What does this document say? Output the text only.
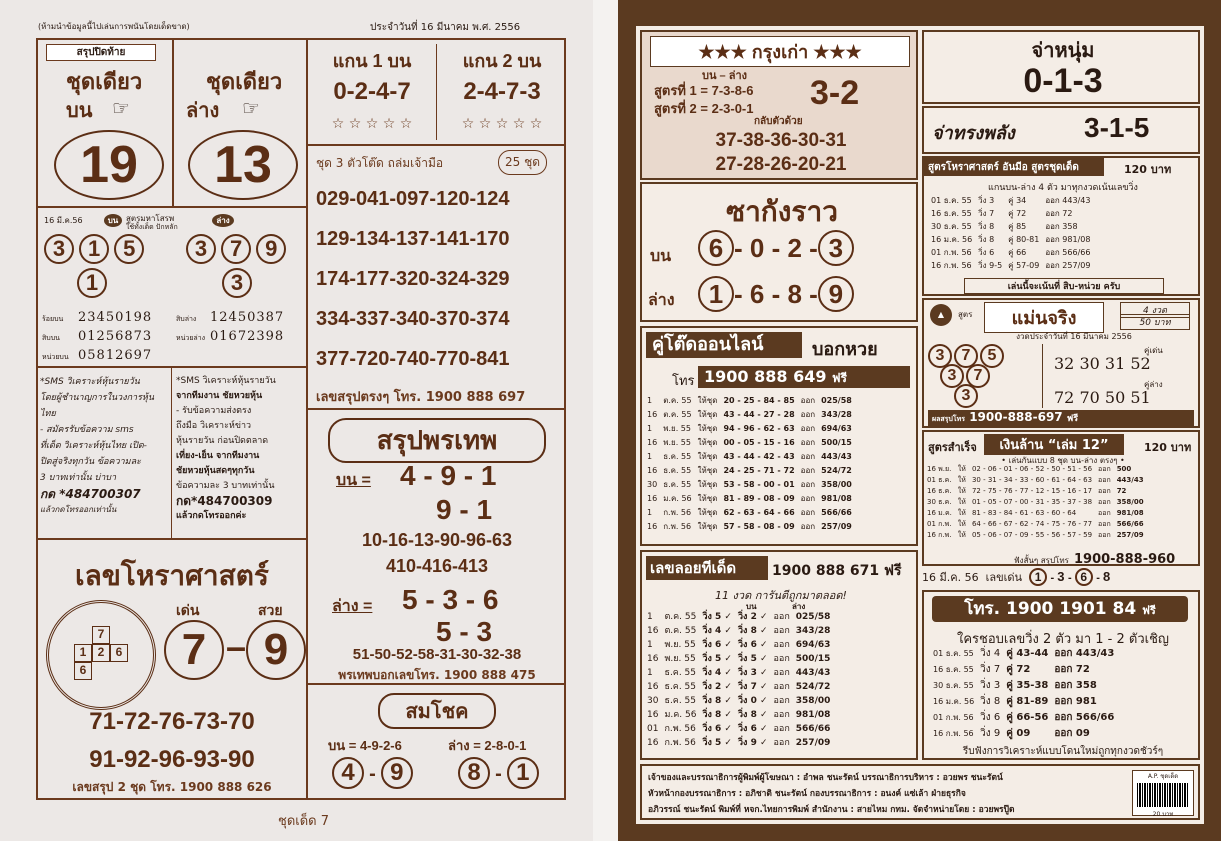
(ห้ามนำข้อมูลนี้ไปเล่นการพนันโดยเด็ดขาด)	ประจำวันที่ 16 มีนาคม พ.ศ. 2556
สรุปปิดท้าย
ชุดเดียว
บน ☞
19
ชุดเดียว
ล่าง ☞
13
แกน 1 บน
0-2-4-7
☆ ☆ ☆ ☆ ☆
แกน 2 บน
2-4-7-3
☆ ☆ ☆ ☆ ☆
ชุด 3 ตัวโต๊ด ถล่มเจ้ามือ	25 ชุด
029-041-097-120-124
129-134-137-141-170
174-177-320-324-329
334-337-340-370-374
377-720-740-770-841
เลขสรุปตรงๆ โทร. 1900 888 697
16 มี.ค.56	บน สูตรมหาโสรพ
ใช้ทั้งเด็ด ปักหลัก
ล่าง
3 1 5
1
3 7 9
3
ร้อยบน 23450198
สิบบน 01256873
หน่วยบน 05812697
สิบล่าง 12450387
หน่วยล่าง 01672398
*SMS วิเคราะห์หุ้นรายวัน
โดยผู้ชำนาญการในวงการหุ้นไทย
- สมัครรับข้อความ sms
ที่เด็ด วิเคราะห์หุ้นไทย เปิด-
ปิดสู่จริงทุกวัน ข้อความละ
3 บาทเท่านั้น บ่าบา
กด *484700307
แล้วกดโทรออกเท่านั้น
*SMS วิเคราะห์หุ้นรายวัน
จากทีมงาน ชัยหวยหุ้น
- รับข้อความส่งตรง
ถึงมือ วิเคราะห์ข่าว
หุ้นรายวัน ก่อนปิดตลาด
เที่ยง-เย็น จากทีมงาน
ชัยหวยหุ้นสดๆทุกวัน
ข้อความละ 3 บาทเท่านั้น
กด*484700309
แล้วกดโทรออกค่ะ
เลขโหราศาสตร์
7
1 2 6
6
เด่น	สวย
7 – 9
71-72-76-73-70
91-92-96-93-90
เลขสรุป 2 ชุด โทร. 1900 888 626
สรุปพรเทพ
บน = 4 - 9 - 1
9 - 1
10-16-13-90-96-63
410-416-413
ล่าง = 5 - 3 - 6
5 - 3
51-50-52-58-31-30-32-38
พรเทพบอกเลขโทร. 1900 888 475
สมโชค
บน = 4-9-2-6	ล่าง = 2-8-0-1
4 - 9	8 - 1
ชุดเด็ด 7
★★★ กรุงเก่า ★★★
บน – ล่าง
สูตรที่ 1 = 7-3-8-6
สูตรที่ 2 = 2-3-0-1 3-2
กลับตัวด้วย
37-38-36-30-31
27-28-26-20-21
จ่าหนุ่ม
0-1-3
จ่าทรงพลัง 3-1-5
สูตรโหราศาสตร์ อันมีอ สูตรชุดเด็ด	120 บาท
แกนบน-ล่าง 4 ตัว มาทุกงวดเน้นเลขวิ่ง
01 ธ.ค. 55	วิ่ง 3	คู่ 34	ออก 443/43
16 ธ.ค. 55	วิ่ง 7	คู่ 72	ออก 72
30 ธ.ค. 55	วิ่ง 8	คู่ 85	ออก 358
16 ม.ค. 56	วิ่ง 8	คู่ 80-81	ออก 981/08
01 ก.พ. 56	วิ่ง 6	คู่ 66	ออก 566/66
16 ก.พ. 56	วิ่ง 9-5	คู่ 57-09	ออก 257/09
เล่นนี้จะเน้นที่ สิบ-หน่วย ครับ
ซากังราว
บน	6 - 0 - 2 - 3
ล่าง	1 - 6 - 8 - 9
▲	สูตร	แม่นจริง	4 งวด
50 บาท
งวดประจำวันที่ 16 มีนาคม 2556
3	7	5
3	7
3
คู่เด่น
32 30 31 52
คู่ล่าง
72 70 50 51
ผลสรุปโทร 1900-888-697 ฟรี
คู่โต๊ดออนไลน์	บอกหวย
โทร 1900 888 649 ฟรี
1	ต.ค. 55	ให้ชุด	20 - 25 - 84 - 85	ออก	025/58
16	ต.ค. 55	ให้ชุด	43 - 44 - 27 - 28	ออก	343/28
1	พ.ย. 55	ให้ชุด	94 - 96 - 62 - 63	ออก	694/63
16	พ.ย. 55	ให้ชุด	00 - 05 - 15 - 16	ออก	500/15
1	ธ.ค. 55	ให้ชุด	43 - 44 - 42 - 43	ออก	443/43
16	ธ.ค. 55	ให้ชุด	24 - 25 - 71 - 72	ออก	524/72
30	ธ.ค. 55	ให้ชุด	53 - 58 - 00 - 01	ออก	358/00
16	ม.ค. 56	ให้ชุด	81 - 89 - 08 - 09	ออก	981/08
1	ก.พ. 56	ให้ชุด	62 - 63 - 64 - 66	ออก	566/66
16	ก.พ. 56	ให้ชุด	57 - 58 - 08 - 09	ออก	257/09
สูตรสำเร็จ	เงินล้าน “เล่ม 12”	120 บาท
• เล่นกันแบบ 8 ชุด บน-ล่าง ตรงๆ •
16 พ.ย.	ให้	02 - 06 - 01 - 06 - 52 - 50 - 51 - 56	ออก	500
01 ธ.ค.	ให้	30 - 31 - 34 - 33 - 60 - 61 - 64 - 63	ออก	443/43
16 ธ.ค.	ให้	72 - 75 - 76 - 77 - 12 - 15 - 16 - 17	ออก	72
30 ธ.ค.	ให้	01 - 05 - 07 - 00 - 31 - 35 - 37 - 38	ออก	358/00
16 ม.ค.	ให้	81 - 83 - 84 - 61 - 63 - 60 - 64	ออก	981/08
01 ก.พ.	ให้	64 - 66 - 67 - 62 - 74 - 75 - 76 - 77	ออก	566/66
16 ก.พ.	ให้	05 - 06 - 07 - 09 - 55 - 56 - 57 - 59	ออก	257/09
ฟังสั้นๆ สรุปโทร 1900-888-960
16 มี.ค. 56 เลขเด่น 1 - 3 - 6 - 8
โทร. 1900 1901 84 ฟรี
ใครชอบเลขวิ่ง 2 ตัว มา 1 - 2 ตัวเชิญ
01 ธ.ค. 55	วิ่ง 4	คู่ 43-44	ออก 443/43
16 ธ.ค. 55	วิ่ง 7	คู่ 72	ออก 72
30 ธ.ค. 55	วิ่ง 3	คู่ 35-38	ออก 358
16 ม.ค. 56	วิ่ง 8	คู่ 81-89	ออก 981
01 ก.พ. 56	วิ่ง 6	คู่ 66-56	ออก 566/66
16 ก.พ. 56	วิ่ง 9	คู่ 09	ออก 09
รีบฟังการวิเคราะห์แบบโดนใหม่ถูกทุกงวดชัวร์ๆ
เลขลอยทีเด็ด	1900 888 671 ฟรี
11 งวด การันตีถูกมาตลอด!
บน	ล่าง
1	ต.ค. 55	วิ่ง 5 ✓	วิ่ง 2 ✓	ออก	025/58
16	ต.ค. 55	วิ่ง 4 ✓	วิ่ง 8 ✓	ออก	343/28
1	พ.ย. 55	วิ่ง 6 ✓	วิ่ง 6 ✓	ออก	694/63
16	พ.ย. 55	วิ่ง 5 ✓	วิ่ง 5 ✓	ออก	500/15
1	ธ.ค. 55	วิ่ง 4 ✓	วิ่ง 3 ✓	ออก	443/43
16	ธ.ค. 55	วิ่ง 2 ✓	วิ่ง 7 ✓	ออก	524/72
30	ธ.ค. 55	วิ่ง 8 ✓	วิ่ง 0 ✓	ออก	358/00
16	ม.ค. 56	วิ่ง 8 ✓	วิ่ง 8 ✓	ออก	981/08
01	ก.พ. 56	วิ่ง 6 ✓	วิ่ง 6 ✓	ออก	566/66
16	ก.พ. 56	วิ่ง 5 ✓	วิ่ง 9 ✓	ออก	257/09
เจ้าของและบรรณาธิการผู้พิมพ์ผู้โฆษณา : อำพล ชนะรัตน์ บรรณาธิการบริหาร : อวยพร ชนะรัตน์
หัวหน้ากองบรรณาธิการ : อภิชาติ ชนะรัตน์ กองบรรณาธิการ : อนงค์ แซ่เล้า ฝ่ายธุรกิจ
อภิวรรณ์ ชนะรัตน์ พิมพ์ที่ หจก.ไทยการพิมพ์ สำนักงาน : สายไหม กทม. จัดจำหน่ายโดย : อวยพรปู๊ด
A.P. ชุดเด็ด
20 บาท
